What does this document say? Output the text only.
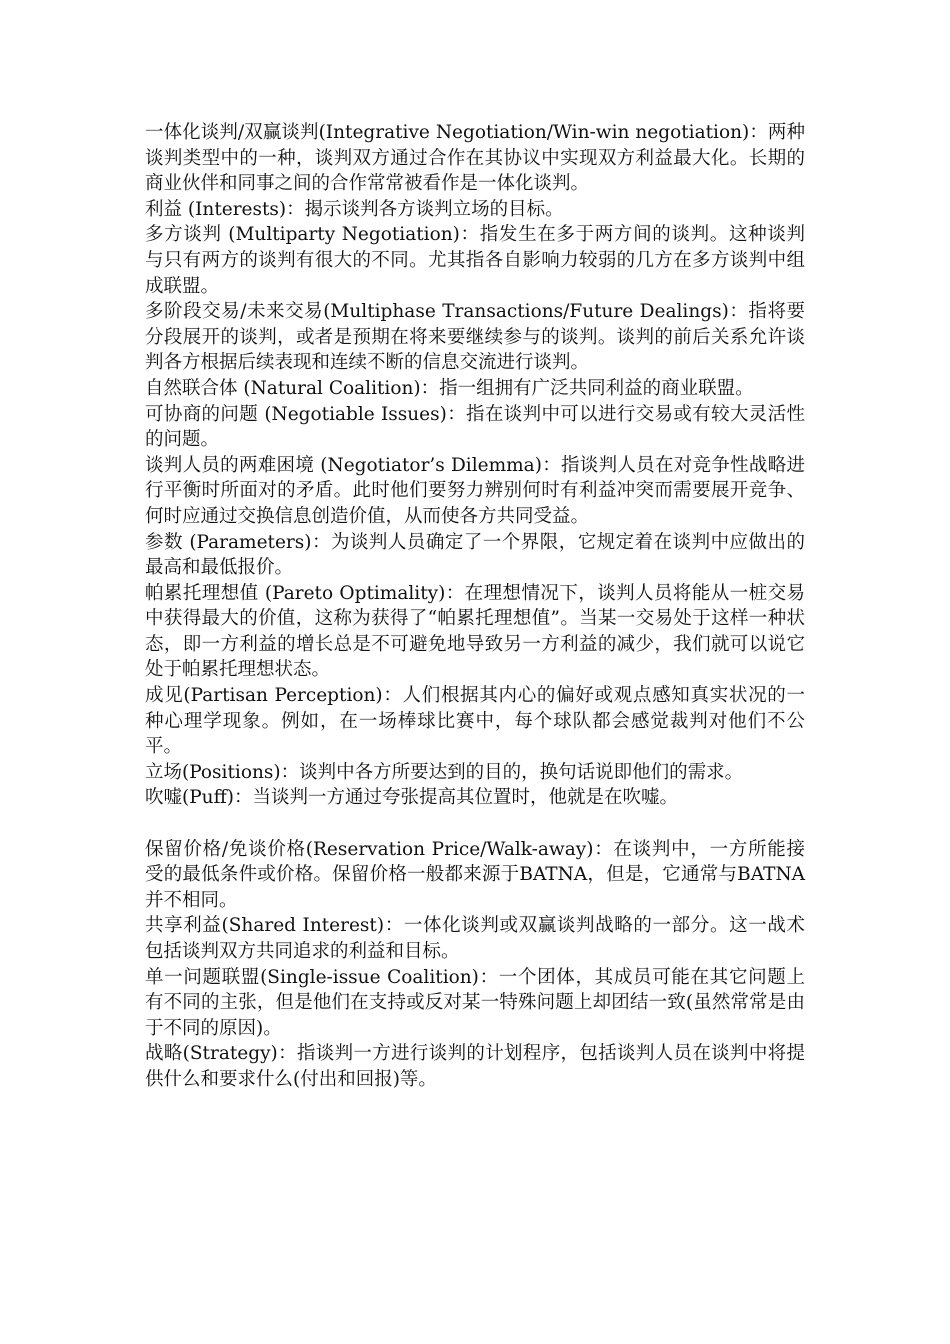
一体化谈判/双赢谈判(Integrative Negotiation/Win-win negotiation)：两种谈判类型中的一种，谈判双方通过合作在其协议中实现双方利益最大化。长期的商业伙伴和同事之间的合作常常被看作是一体化谈判。

利益 (Interests)：揭示谈判各方谈判立场的目标。

多方谈判 (Multiparty Negotiation)：指发生在多于两方间的谈判。这种谈判与只有两方的谈判有很大的不同。尤其指各自影响力较弱的几方在多方谈判中组成联盟。

多阶段交易/未来交易(Multiphase Transactions/Future Dealings)：指将要分段展开的谈判，或者是预期在将来要继续参与的谈判。谈判的前后关系允许谈判各方根据后续表现和连续不断的信息交流进行谈判。

自然联合体 (Natural Coalition)：指一组拥有广泛共同利益的商业联盟。

可协商的问题 (Negotiable Issues)：指在谈判中可以进行交易或有较大灵活性的问题。

谈判人员的两难困境 (Negotiator’s Dilemma)：指谈判人员在对竞争性战略进行平衡时所面对的矛盾。此时他们要努力辨别何时有利益冲突而需要展开竞争、何时应通过交换信息创造价值，从而使各方共同受益。

参数 (Parameters)：为谈判人员确定了一个界限，它规定着在谈判中应做出的最高和最低报价。

帕累托理想值 (Pareto Optimality)：在理想情况下，谈判人员将能从一桩交易中获得最大的价值，这称为获得了“帕累托理想值”。当某一交易处于这样一种状态，即一方利益的增长总是不可避免地导致另一方利益的减少，我们就可以说它处于帕累托理想状态。

成见(Partisan Perception)：人们根据其内心的偏好或观点感知真实状况的一种心理学现象。例如，在一场棒球比赛中，每个球队都会感觉裁判对他们不公平。

立场(Positions)：谈判中各方所要达到的目的，换句话说即他们的需求。

吹嘘(Puff)：当谈判一方通过夸张提高其位置时，他就是在吹嘘。

保留价格/免谈价格(Reservation Price/Walk-away)：在谈判中，一方所能接受的最低条件或价格。保留价格一般都来源于BATNA，但是，它通常与BATNA并不相同。

共享利益(Shared Interest)：一体化谈判或双赢谈判战略的一部分。这一战术包括谈判双方共同追求的利益和目标。

单一问题联盟(Single-issue Coalition)：一个团体，其成员可能在其它问题上有不同的主张，但是他们在支持或反对某一特殊问题上却团结一致(虽然常常是由于不同的原因)。

战略(Strategy)：指谈判一方进行谈判的计划程序，包括谈判人员在谈判中将提供什么和要求什么(付出和回报)等。
